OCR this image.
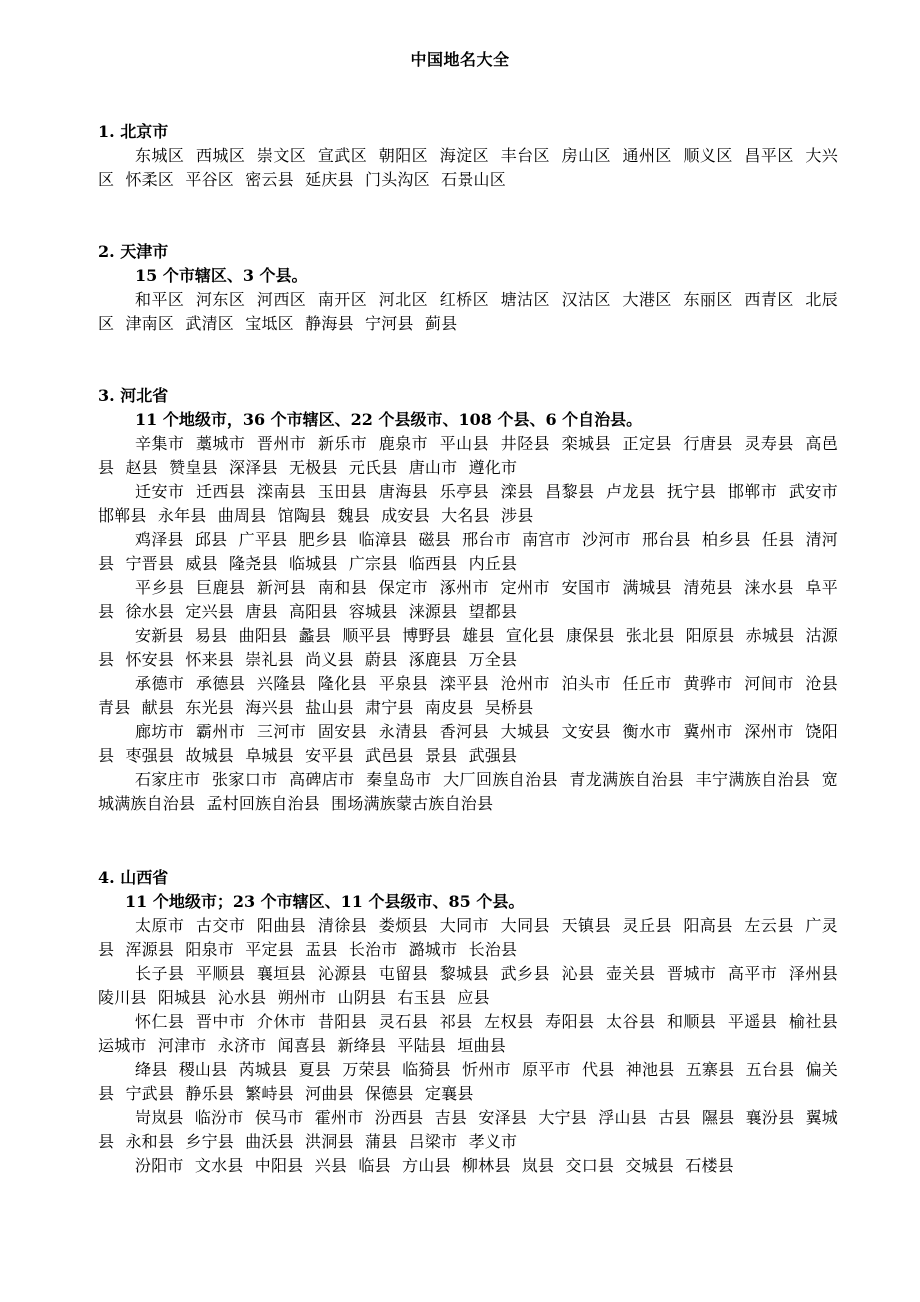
中国地名大全
1. 北京市
东城区 西城区 崇文区 宣武区 朝阳区 海淀区 丰台区 房山区 通州区 顺义区 昌平区 大兴区 怀柔区 平谷区 密云县 延庆县 门头沟区 石景山区
2. 天津市
15 个市辖区、3 个县。
和平区 河东区 河西区 南开区 河北区 红桥区 塘沽区 汉沽区 大港区 东丽区 西青区 北辰区 津南区 武清区 宝坻区 静海县 宁河县 蓟县
3. 河北省
11 个地级市，36 个市辖区、22 个县级市、108 个县、6 个自治县。
辛集市 藁城市 晋州市 新乐市 鹿泉市 平山县 井陉县 栾城县 正定县 行唐县 灵寿县 高邑县 赵县 赞皇县 深泽县 无极县 元氏县 唐山市 遵化市
迁安市 迁西县 滦南县 玉田县 唐海县 乐亭县 滦县 昌黎县 卢龙县 抚宁县 邯郸市 武安市 邯郸县 永年县 曲周县 馆陶县 魏县 成安县 大名县 涉县
鸡泽县 邱县 广平县 肥乡县 临漳县 磁县 邢台市 南宫市 沙河市 邢台县 柏乡县 任县 清河县 宁晋县 威县 隆尧县 临城县 广宗县 临西县 内丘县
平乡县 巨鹿县 新河县 南和县 保定市 涿州市 定州市 安国市 满城县 清苑县 涞水县 阜平县 徐水县 定兴县 唐县 高阳县 容城县 涞源县 望都县
安新县 易县 曲阳县 蠡县 顺平县 博野县 雄县 宣化县 康保县 张北县 阳原县 赤城县 沽源县 怀安县 怀来县 崇礼县 尚义县 蔚县 涿鹿县 万全县
承德市 承德县 兴隆县 隆化县 平泉县 滦平县 沧州市 泊头市 任丘市 黄骅市 河间市 沧县 青县 献县 东光县 海兴县 盐山县 肃宁县 南皮县 吴桥县
廊坊市 霸州市 三河市 固安县 永清县 香河县 大城县 文安县 衡水市 冀州市 深州市 饶阳县 枣强县 故城县 阜城县 安平县 武邑县 景县 武强县
石家庄市 张家口市 高碑店市 秦皇岛市 大厂回族自治县 青龙满族自治县 丰宁满族自治县 宽城满族自治县 孟村回族自治县 围场满族蒙古族自治县
4. 山西省
11 个地级市；23 个市辖区、11 个县级市、85 个县。
太原市 古交市 阳曲县 清徐县 娄烦县 大同市 大同县 天镇县 灵丘县 阳高县 左云县 广灵县 浑源县 阳泉市 平定县 盂县 长治市 潞城市 长治县
长子县 平顺县 襄垣县 沁源县 屯留县 黎城县 武乡县 沁县 壶关县 晋城市 高平市 泽州县 陵川县 阳城县 沁水县 朔州市 山阴县 右玉县 应县
怀仁县 晋中市 介休市 昔阳县 灵石县 祁县 左权县 寿阳县 太谷县 和顺县 平遥县 榆社县 运城市 河津市 永济市 闻喜县 新绛县 平陆县 垣曲县
绛县 稷山县 芮城县 夏县 万荣县 临猗县 忻州市 原平市 代县 神池县 五寨县 五台县 偏关县 宁武县 静乐县 繁峙县 河曲县 保德县 定襄县
岢岚县 临汾市 侯马市 霍州市 汾西县 吉县 安泽县 大宁县 浮山县 古县 隰县 襄汾县 翼城县 永和县 乡宁县 曲沃县 洪洞县 蒲县 吕梁市 孝义市
汾阳市 文水县 中阳县 兴县 临县 方山县 柳林县 岚县 交口县 交城县 石楼县
